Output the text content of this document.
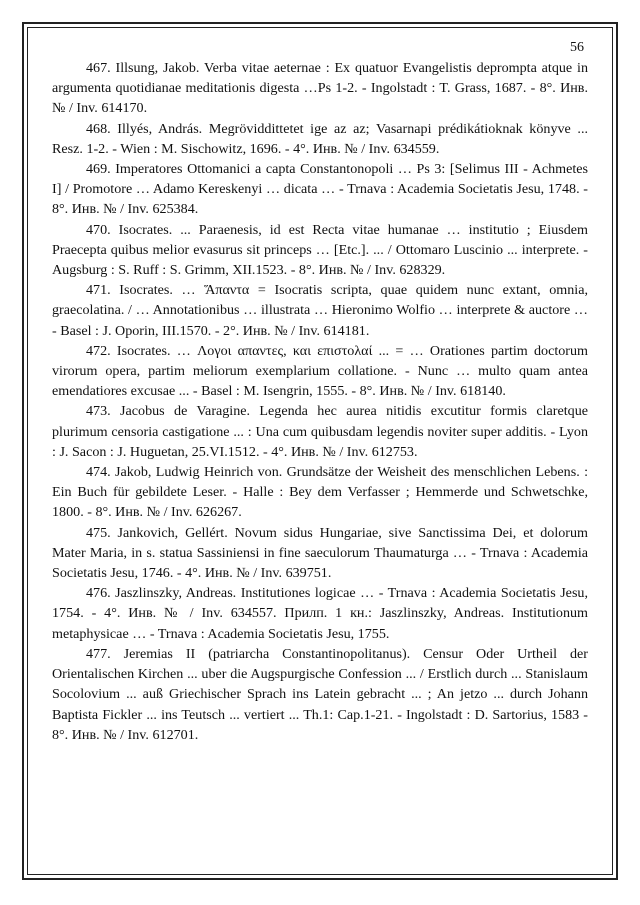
56

467. Illsung, Jakob. Verba vitae aeternae : Ex quatuor Evangelistis deprompta atque in argumenta quotidianae meditationis digesta …Ps 1-2. - Ingolstadt : T. Grass, 1687. - 8°. Инв. № / Inv. 614170.

468. Illyés, András. Megröviddittetet ige az az; Vasarnapi prédikátioknak könyve ... Resz. 1-2. - Wien : M. Sischowitz, 1696. - 4°. Инв. № / Inv. 634559.

469. Imperatores Ottomanici a capta Constantonopoli … Ps 3: [Selimus III - Achmetes I] / Promotore … Adamo Kereskenyi … dicata … - Trnava : Academia Societatis Jesu, 1748. - 8°. Инв. № / Inv. 625384.

470. Isocrates. ... Paraenesis, id est Recta vitae humanae … institutio ; Eiusdem Praecepta quibus melior evasurus sit princeps … [Etc.]. ... / Ottomaro Luscinio ... interprete. - Augsburg : S. Ruff : S. Grimm, XII.1523. - 8°. Инв. № / Inv. 628329.

471. Isocrates. … Ἅπαντα = Isocratis scripta, quae quidem nunc extant, omnia, graecolatina. / … Annotationibus … illustrata … Hieronimo Wolfio … interprete & auctore … - Basel : J. Oporin, III.1570. - 2°. Инв. № / Inv. 614181.

472. Isocrates. … Λογοι απαντες, και επιστολαί ... = … Orationes partim doctorum virorum opera, partim meliorum exemplarium collatione. - Nunc … multo quam antea emendatiores excusae ... - Basel : M. Isengrin, 1555. - 8°. Инв. № / Inv. 618140.

473. Jacobus de Varagine. Legenda hec aurea nitidis excutitur formis claretque plurimum censoria castigatione ... : Una cum quibusdam legendis noviter super additis. - Lyon : J. Sacon : J. Huguetan, 25.VI.1512. - 4°. Инв. № / Inv. 612753.

474. Jakob, Ludwig Heinrich von. Grundsätze der Weisheit des menschlichen Lebens. : Ein Buch für gebildete Leser. - Halle : Bey dem Verfasser ; Hemmerde und Schwetschke, 1800. - 8°. Инв. № / Inv. 626267.

475. Jankovich, Gellért. Novum sidus Hungariae, sive Sanctissima Dei, et dolorum Mater Maria, in s. statua Sassiniensi in fine saeculorum Thaumaturga … - Trnava : Academia Societatis Jesu, 1746. - 4°. Инв. № / Inv. 639751.

476. Jaszlinszky, Andreas. Institutiones logicae … - Trnava : Academia Societatis Jesu, 1754. - 4°. Инв. № / Inv. 634557. Прилп. 1 кн.: Jaszlinszky, Andreas. Institutionum metaphysicae … - Trnava : Academia Societatis Jesu, 1755.

477. Jeremias II (patriarcha Constantinopolitanus). Censur Oder Urtheil der Orientalischen Kirchen ... uber die Augspurgische Confession ... / Erstlich durch ... Stanislaum Socolovium ... auß Griechischer Sprach ins Latein gebracht ... ; An jetzo ... durch Johann Baptista Fickler ... ins Teutsch ... vertiert ... Th.1: Cap.1-21. - Ingolstadt : D. Sartorius, 1583 - 8°. Инв. № / Inv. 612701.
